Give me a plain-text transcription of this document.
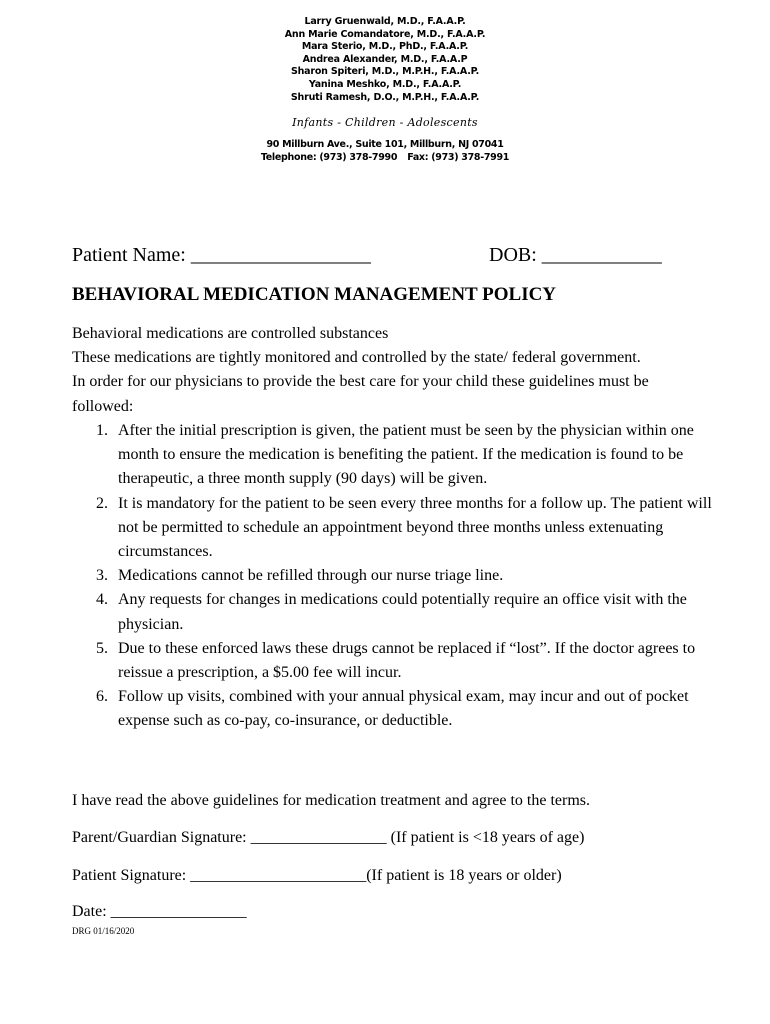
Larry Gruenwald, M.D., F.A.A.P.
Ann Marie Comandatore, M.D., F.A.A.P.
Mara Sterio, M.D., PhD., F.A.A.P.
Andrea Alexander, M.D., F.A.A.P
Sharon Spiteri, M.D., M.P.H., F.A.A.P.
Yanina Meshko, M.D., F.A.A.P.
Shruti Ramesh, D.O., M.P.H., F.A.A.P.
Infants - Children - Adolescents
90 Millburn Ave., Suite 101, Millburn, NJ 07041
Telephone: (973) 378-7990 Fax: (973) 378-7991
Patient Name: __________________	DOB: ____________
BEHAVIORAL MEDICATION MANAGEMENT POLICY

Behavioral medications are controlled substances

These medications are tightly monitored and controlled by the state/ federal government.

In order for our physicians to provide the best care for your child these guidelines must be followed:

1. After the initial prescription is given, the patient must be seen by the physician within one month to ensure the medication is benefiting the patient. If the medication is found to be therapeutic, a three month supply (90 days) will be given.
2. It is mandatory for the patient to be seen every three months for a follow up. The patient will not be permitted to schedule an appointment beyond three months unless extenuating circumstances.
3. Medications cannot be refilled through our nurse triage line.
4. Any requests for changes in medications could potentially require an office visit with the physician.
5. Due to these enforced laws these drugs cannot be replaced if “lost”. If the doctor agrees to reissue a prescription, a $5.00 fee will incur.
6. Follow up visits, combined with your annual physical exam, may incur and out of pocket expense such as co-pay, co-insurance, or deductible.
I have read the above guidelines for medication treatment and agree to the terms.
Parent/Guardian Signature: _________________ (If patient is <18 years of age)
Patient Signature: ______________________(If patient is 18 years or older)
Date: _________________
DRG 01/16/2020
